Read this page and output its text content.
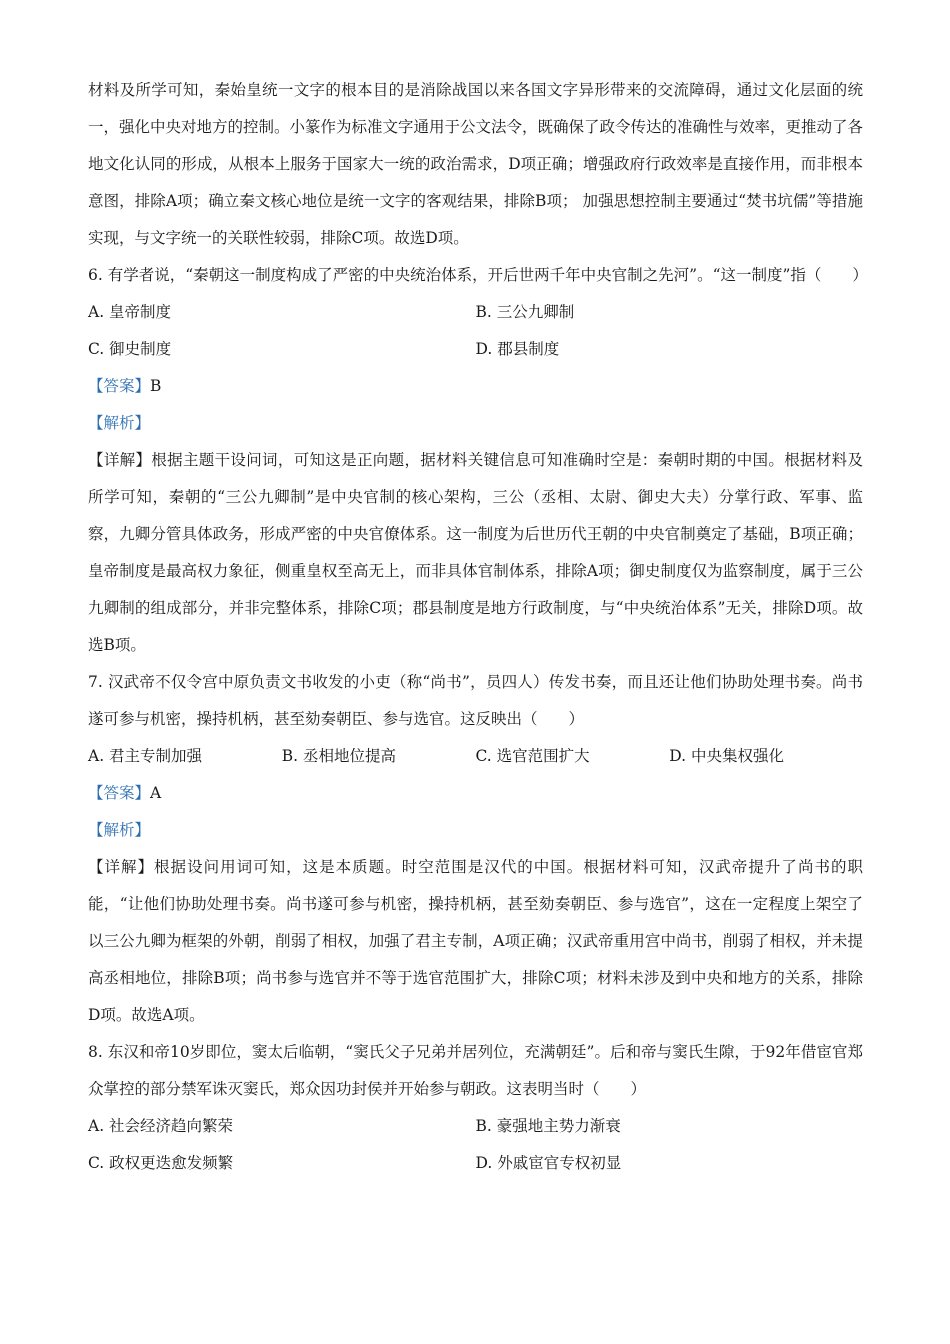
材料及所学可知，秦始皇统一文字的根本目的是消除战国以来各国文字异形带来的交流障碍，通过文化层面的统一，强化中央对地方的控制。小篆作为标准文字通用于公文法令，既确保了政令传达的准确性与效率，更推动了各地文化认同的形成，从根本上服务于国家大一统的政治需求，D项正确；增强政府行政效率是直接作用，而非根本意图，排除A项；确立秦文核心地位是统一文字的客观结果，排除B项； 加强思想控制主要通过“焚书坑儒”等措施实现，与文字统一的关联性较弱，排除C项。故选D项。

6. 有学者说，“秦朝这一制度构成了严密的中央统治体系，开后世两千年中央官制之先河”。“这一制度”指（　　）

A. 皇帝制度	B. 三公九卿制
C. 御史制度	D. 郡县制度

【答案】B

【解析】

【详解】根据主题干设问词，可知这是正向题，据材料关键信息可知准确时空是：秦朝时期的中国。根据材料及所学可知，秦朝的“三公九卿制”是中央官制的核心架构，三公（丞相、太尉、御史大夫）分掌行政、军事、监察，九卿分管具体政务，形成严密的中央官僚体系。这一制度为后世历代王朝的中央官制奠定了基础，B项正确；皇帝制度是最高权力象征，侧重皇权至高无上，而非具体官制体系，排除A项；御史制度仅为监察制度，属于三公九卿制的组成部分，并非完整体系，排除C项；郡县制度是地方行政制度，与“中央统治体系”无关，排除D项。故选B项。

7. 汉武帝不仅令宫中原负责文书收发的小吏（称“尚书”，员四人）传发书奏，而且还让他们协助处理书奏。尚书遂可参与机密，操持机柄，甚至劾奏朝臣、参与选官。这反映出（　　）

A. 君主专制加强	B. 丞相地位提高	C. 选官范围扩大	D. 中央集权强化

【答案】A

【解析】

【详解】根据设问用词可知，这是本质题。时空范围是汉代的中国。根据材料可知，汉武帝提升了尚书的职能，“让他们协助处理书奏。尚书遂可参与机密，操持机柄，甚至劾奏朝臣、参与选官”，这在一定程度上架空了以三公九卿为框架的外朝，削弱了相权，加强了君主专制，A项正确；汉武帝重用宫中尚书，削弱了相权，并未提高丞相地位，排除B项；尚书参与选官并不等于选官范围扩大，排除C项；材料未涉及到中央和地方的关系，排除D项。故选A项。

8. 东汉和帝10岁即位，窦太后临朝，“窦氏父子兄弟并居列位，充满朝廷”。后和帝与窦氏生隙，于92年借宦官郑众掌控的部分禁军诛灭窦氏，郑众因功封侯并开始参与朝政。这表明当时（　　）

A. 社会经济趋向繁荣	B. 豪强地主势力渐衰
C. 政权更迭愈发频繁	D. 外戚宦官专权初显
